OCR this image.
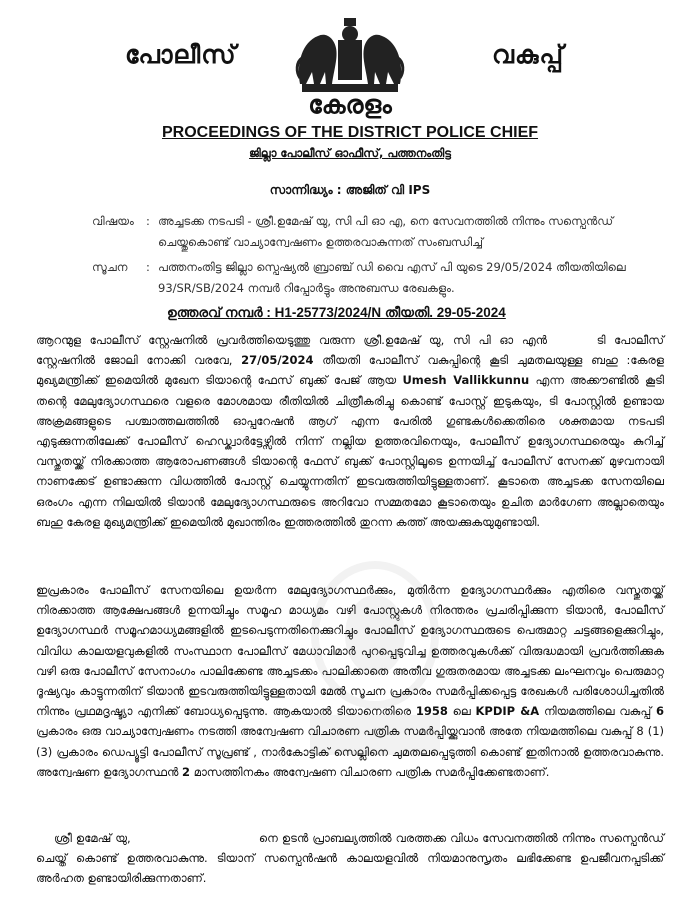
പോലീസ്	വകുപ്പ്
കേരളം
PROCEEDINGS OF THE DISTRICT POLICE CHIEF
ജില്ലാ പോലീസ് ഓഫീസ്, പത്തനംതിട്ട
സാന്നിദ്ധ്യം : അജിത് വി IPS
വിഷയം : അച്ചടക്ക നടപടി - ശ്രീ.ഉമേഷ് യു, സി പി ഓ എ, നെ സേവനത്തിൽ നിന്നും സസ്പെൻഡ് ചെയ്തുകൊണ്ട് വാച്യാന്വേഷണം ഉത്തരവാകുന്നത് സംബന്ധിച്ച്
സൂചന : പത്തനംതിട്ട ജില്ലാ സ്പെഷ്യൽ ബ്രാഞ്ച് ഡി വൈ എസ് പി യുടെ 29/05/2024 തീയതിയിലെ 93/SR/SB/2024 നമ്പർ റിപ്പോർട്ടും അനുബന്ധ രേഖകളും.
ഉത്തരവ് നമ്പർ : H1-25773/2024/N തീയതി. 29-05-2024
ആറന്മുള പോലീസ് സ്റ്റേഷനിൽ പ്രവർത്തിയെടുത്തു വരുന്ന ശ്രീ.ഉമേഷ് യു, സി പി ഓ എൻ	ടി പോലീസ് സ്റ്റേഷനിൽ ജോലി നോക്കി വരവേ, 27/05/2024 തീയതി പോലീസ് വകുപ്പിന്റെ കൂടി ചുമതലയുള്ള ബഹു :കേരള മുഖ്യമന്ത്രിക്ക് ഇമെയിൽ മുഖേന ടിയാന്റെ ഫേസ് ബുക്ക് പേജ് ആയ Umesh Vallikkunnu എന്ന അക്കൗണ്ടിൽ കൂടി തന്റെ മേലുദ്യോഗസ്ഥരെ വളരെ മോശമായ രീതിയിൽ ചിത്രീകരിച്ചു കൊണ്ട് പോസ്റ്റ് ഇടുകയും, ടി പോസ്റ്റിൽ ഉണ്ടായ അക്രമങ്ങളുടെ പശ്ചാത്തലത്തിൽ ഓപ്പറേഷൻ ആഗ് എന്ന പേരിൽ ഗുണ്ടകൾക്കെതിരെ ശക്തമായ നടപടി എടുക്കുന്നതിലേക്ക് പോലീസ് ഹെഡ്ക്വാർട്ടേഴ്സിൽ നിന്ന് നല്ലിയ ഉത്തരവിനെയും, പോലീസ് ഉദ്യോഗസ്ഥരെയും കുറിച്ച് വസ്തുതയ്ക്ക് നിരക്കാത്ത ആരോപണങ്ങൾ ടിയാന്റെ ഫേസ് ബുക്ക് പോസ്റ്റിലൂടെ ഉന്നയിച്ച് പോലീസ് സേനക്ക് മുഴവനായി നാണക്കേട് ഉണ്ടാക്കുന്ന വിധത്തിൽ പോസ്റ്റ് ചെയ്യുന്നതിന് ഇടവരുത്തിയിട്ടുള്ളതാണ്. കൂടാതെ അച്ചടക്ക സേനയിലെ ഒരംഗം എന്ന നിലയിൽ ടിയാൻ മേലുദ്യോഗസ്ഥരുടെ അറിവോ സമ്മതമോ കൂടാതെയും ഉചിത മാർഗേണ അല്ലാതെയും ബഹു കേരള മുഖ്യമന്ത്രിക്ക് ഇമെയിൽ മുഖാന്തിരം ഇത്തരത്തിൽ തുറന്ന കത്ത് അയക്കുകയുമുണ്ടായി.
ഇപ്രകാരം പോലീസ് സേനയിലെ ഉയർന്ന മേലുദ്യോഗസ്ഥർക്കും, മുതിർന്ന ഉദ്യോഗസ്ഥർക്കും എതിരെ വസ്തുതയ്ക്ക് നിരക്കാത്ത ആക്ഷേപങ്ങൾ ഉന്നയിച്ചും സമൂഹ മാധ്യമം വഴി പോസ്റ്റുകൾ നിരന്തരം പ്രചരിപ്പിക്കുന്ന ടിയാൻ, പോലീസ് ഉദ്യോഗസ്ഥർ സമൂഹമാധ്യമങ്ങളിൽ ഇടപെടുന്നതിനെക്കുറിച്ചും പോലീസ് ഉദ്യോഗസ്ഥരുടെ പെരുമാറ്റ ചട്ടങ്ങളെക്കുറിച്ചും, വിവിധ കാലയളവുകളിൽ സംസ്ഥാന പോലീസ് മേധാവിമാർ പുറപ്പെടുവിച്ച ഉത്തരവുകൾക്ക് വിരുദ്ധമായി പ്രവർത്തിക്കുക വഴി ഒരു പോലീസ് സേനാംഗം പാലിക്കേണ്ട അച്ചടക്കം പാലിക്കാതെ അതീവ ഗുരുതരമായ അച്ചടക്ക ലംഘനവും പെരുമാറ്റ ദൂഷ്യവും കാട്ടുന്നതിന് ടിയാൻ ഇടവരുത്തിയിട്ടുള്ളതായി മേൽ സൂചന പ്രകാരം സമർപ്പിക്കപ്പെട്ട രേഖകൾ പരിശോധിച്ചതിൽ നിന്നും പ്രഥമദൃഷ്ട്യാ എനിക്ക് ബോധ്യപ്പെടുന്നു. ആകയാൽ ടിയാനെതിരെ 1958 ലെ KPDIP &A നിയമത്തിലെ വകുപ്പ് 6 പ്രകാരം ഒരു വാച്യാന്വേഷണം നടത്തി അന്വേഷണ വിചാരണ പത്രിക സമർപ്പിയ്ക്കുവാൻ അതേ നിയമത്തിലെ വകുപ്പ് 8 (1) (3) പ്രകാരം ഡെപ്യൂട്ടി പോലീസ് സൂപ്രണ്ട് , നാർകോട്ടിക് സെല്ലിനെ ചുമതലപ്പെടുത്തി കൊണ്ട് ഇതിനാൽ ഉത്തരവാകുന്നു. അന്വേഷണ ഉദ്യോഗസ്ഥൻ 2 മാസത്തിനകം അന്വേഷണ വിചാരണ പത്രിക സമർപ്പിക്കേണ്ടതാണ്.
ശ്രീ ഉമേഷ് യു,	നെ ഉടൻ പ്രാബല്യത്തിൽ വരത്തക്ക വിധം സേവനത്തിൽ നിന്നും സസ്പെൻഡ് ചെയ്ത് കൊണ്ട് ഉത്തരവാകുന്നു. ടിയാന് സസ്പെൻഷൻ കാലയളവിൽ നിയമാനുസൃതം ലഭിക്കേണ്ട ഉപജീവനപ്പടിക്ക് അർഹത ഉണ്ടായിരിക്കുന്നതാണ്.
